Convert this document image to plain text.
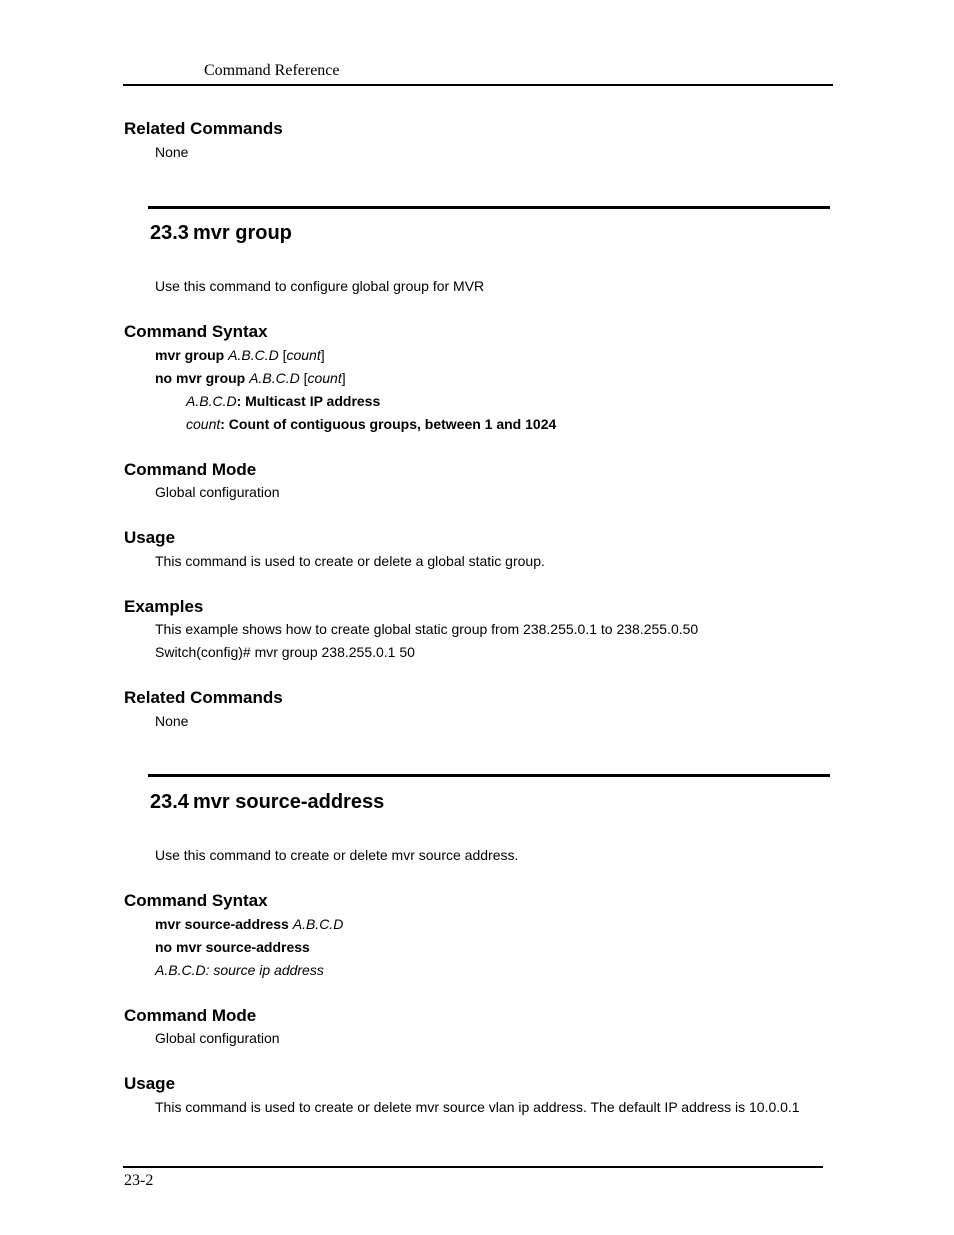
Command Reference
Related Commands
None
23.3 mvr group
Use this command to configure global group for MVR
Command Syntax
mvr group A.B.C.D [count]
no mvr group A.B.C.D [count]
A.B.C.D: Multicast IP address
count: Count of contiguous groups, between 1 and 1024
Command Mode
Global configuration
Usage
This command is used to create or delete a global static group.
Examples
This example shows how to create global static group from 238.255.0.1 to 238.255.0.50
Switch(config)# mvr group 238.255.0.1 50
Related Commands
None
23.4 mvr source-address
Use this command to create or delete mvr source address.
Command Syntax
mvr source-address A.B.C.D
no mvr source-address
A.B.C.D: source ip address
Command Mode
Global configuration
Usage
This command is used to create or delete mvr source vlan ip address. The default IP address is 10.0.0.1
23-2
